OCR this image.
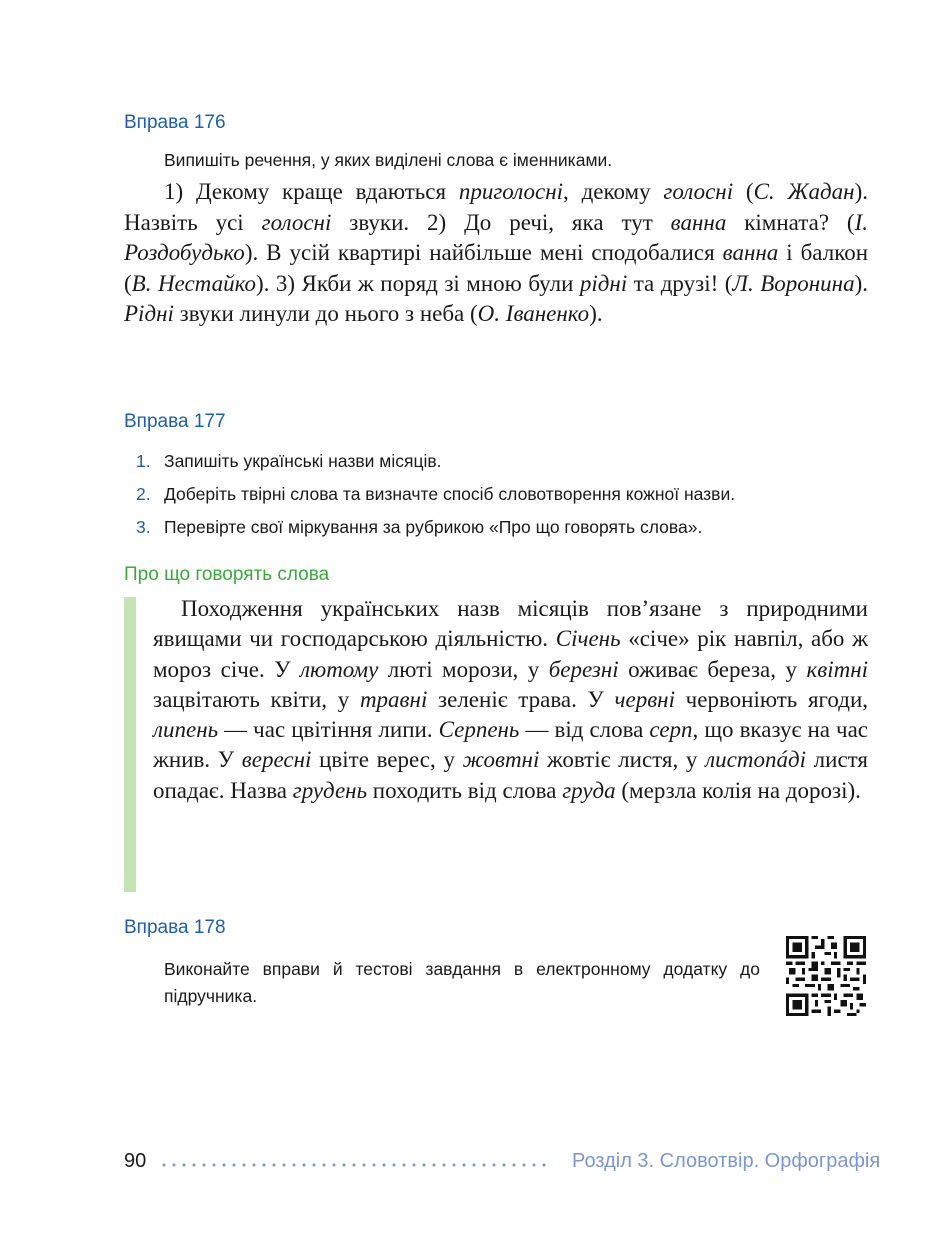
Вправа 176
Випишіть речення, у яких виділені слова є іменниками.

1) Декому краще вдаються приголосні, декому голосні (С. Жадан). Назвіть усі голосні звуки. 2) До речі, яка тут ванна кімната? (І. Роздобудько). В усій квартирі найбільше мені сподобалися ванна і балкон (В. Нестайко). 3) Якби ж поряд зі мною були рідні та друзі! (Л. Воронина). Рідні звуки линули до нього з неба (О. Іваненко).

Вправа 177
1. Запишіть українські назви місяців.
2. Доберіть твірні слова та визначте спосіб словотворення кожної назви.
3. Перевірте свої міркування за рубрикою «Про що говорять слова».
Про що говорять слова

Походження українських назв місяців пов’язане з природними явищами чи господарською діяльністю. Січень «січе» рік навпіл, або ж мороз січе. У лютому люті морози, у березні оживає береза, у квітні зацвітають квіти, у травні зеленіє трава. У червні червоніють ягоди, липень — час цвітіння липи. Серпень — від слова серп, що вказує на час жнив. У вересні цвіте верес, у жовтні жовтіє листя, у листопáді листя опадає. Назва грудень походить від слова груда (мерзла колія на дорозі).

Вправа 178
Виконайте вправи й тестові завдання в електронному додатку до підручника.
90	Розділ 3. Словотвір. Орфографія
